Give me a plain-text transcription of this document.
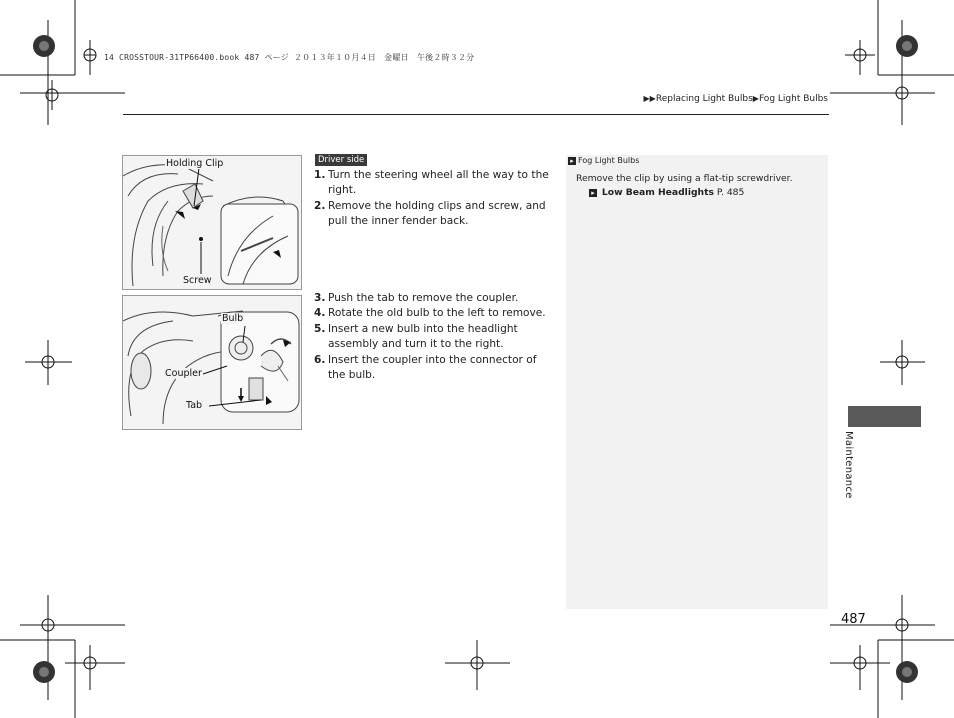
14 CROSSTOUR-31TP66400.book 487 ページ ２０１３年１０月４日　金曜日　午後２時３２分
▶▶Replacing Light Bulbs▶Fog Light Bulbs
Holding Clip
Screw
Bulb
Coupler
Tab
Driver side
1. Turn the steering wheel all the way to the right.
2. Remove the holding clips and screw, and pull the inner fender back.
3. Push the tab to remove the coupler.
4. Rotate the old bulb to the left to remove.
5. Insert a new bulb into the headlight assembly and turn it to the right.
6. Insert the coupler into the connector of the bulb.
▸ Fog Light Bulbs
Remove the clip by using a flat-tip screwdriver.
▸ Low Beam Headlights P. 485
Maintenance
487
